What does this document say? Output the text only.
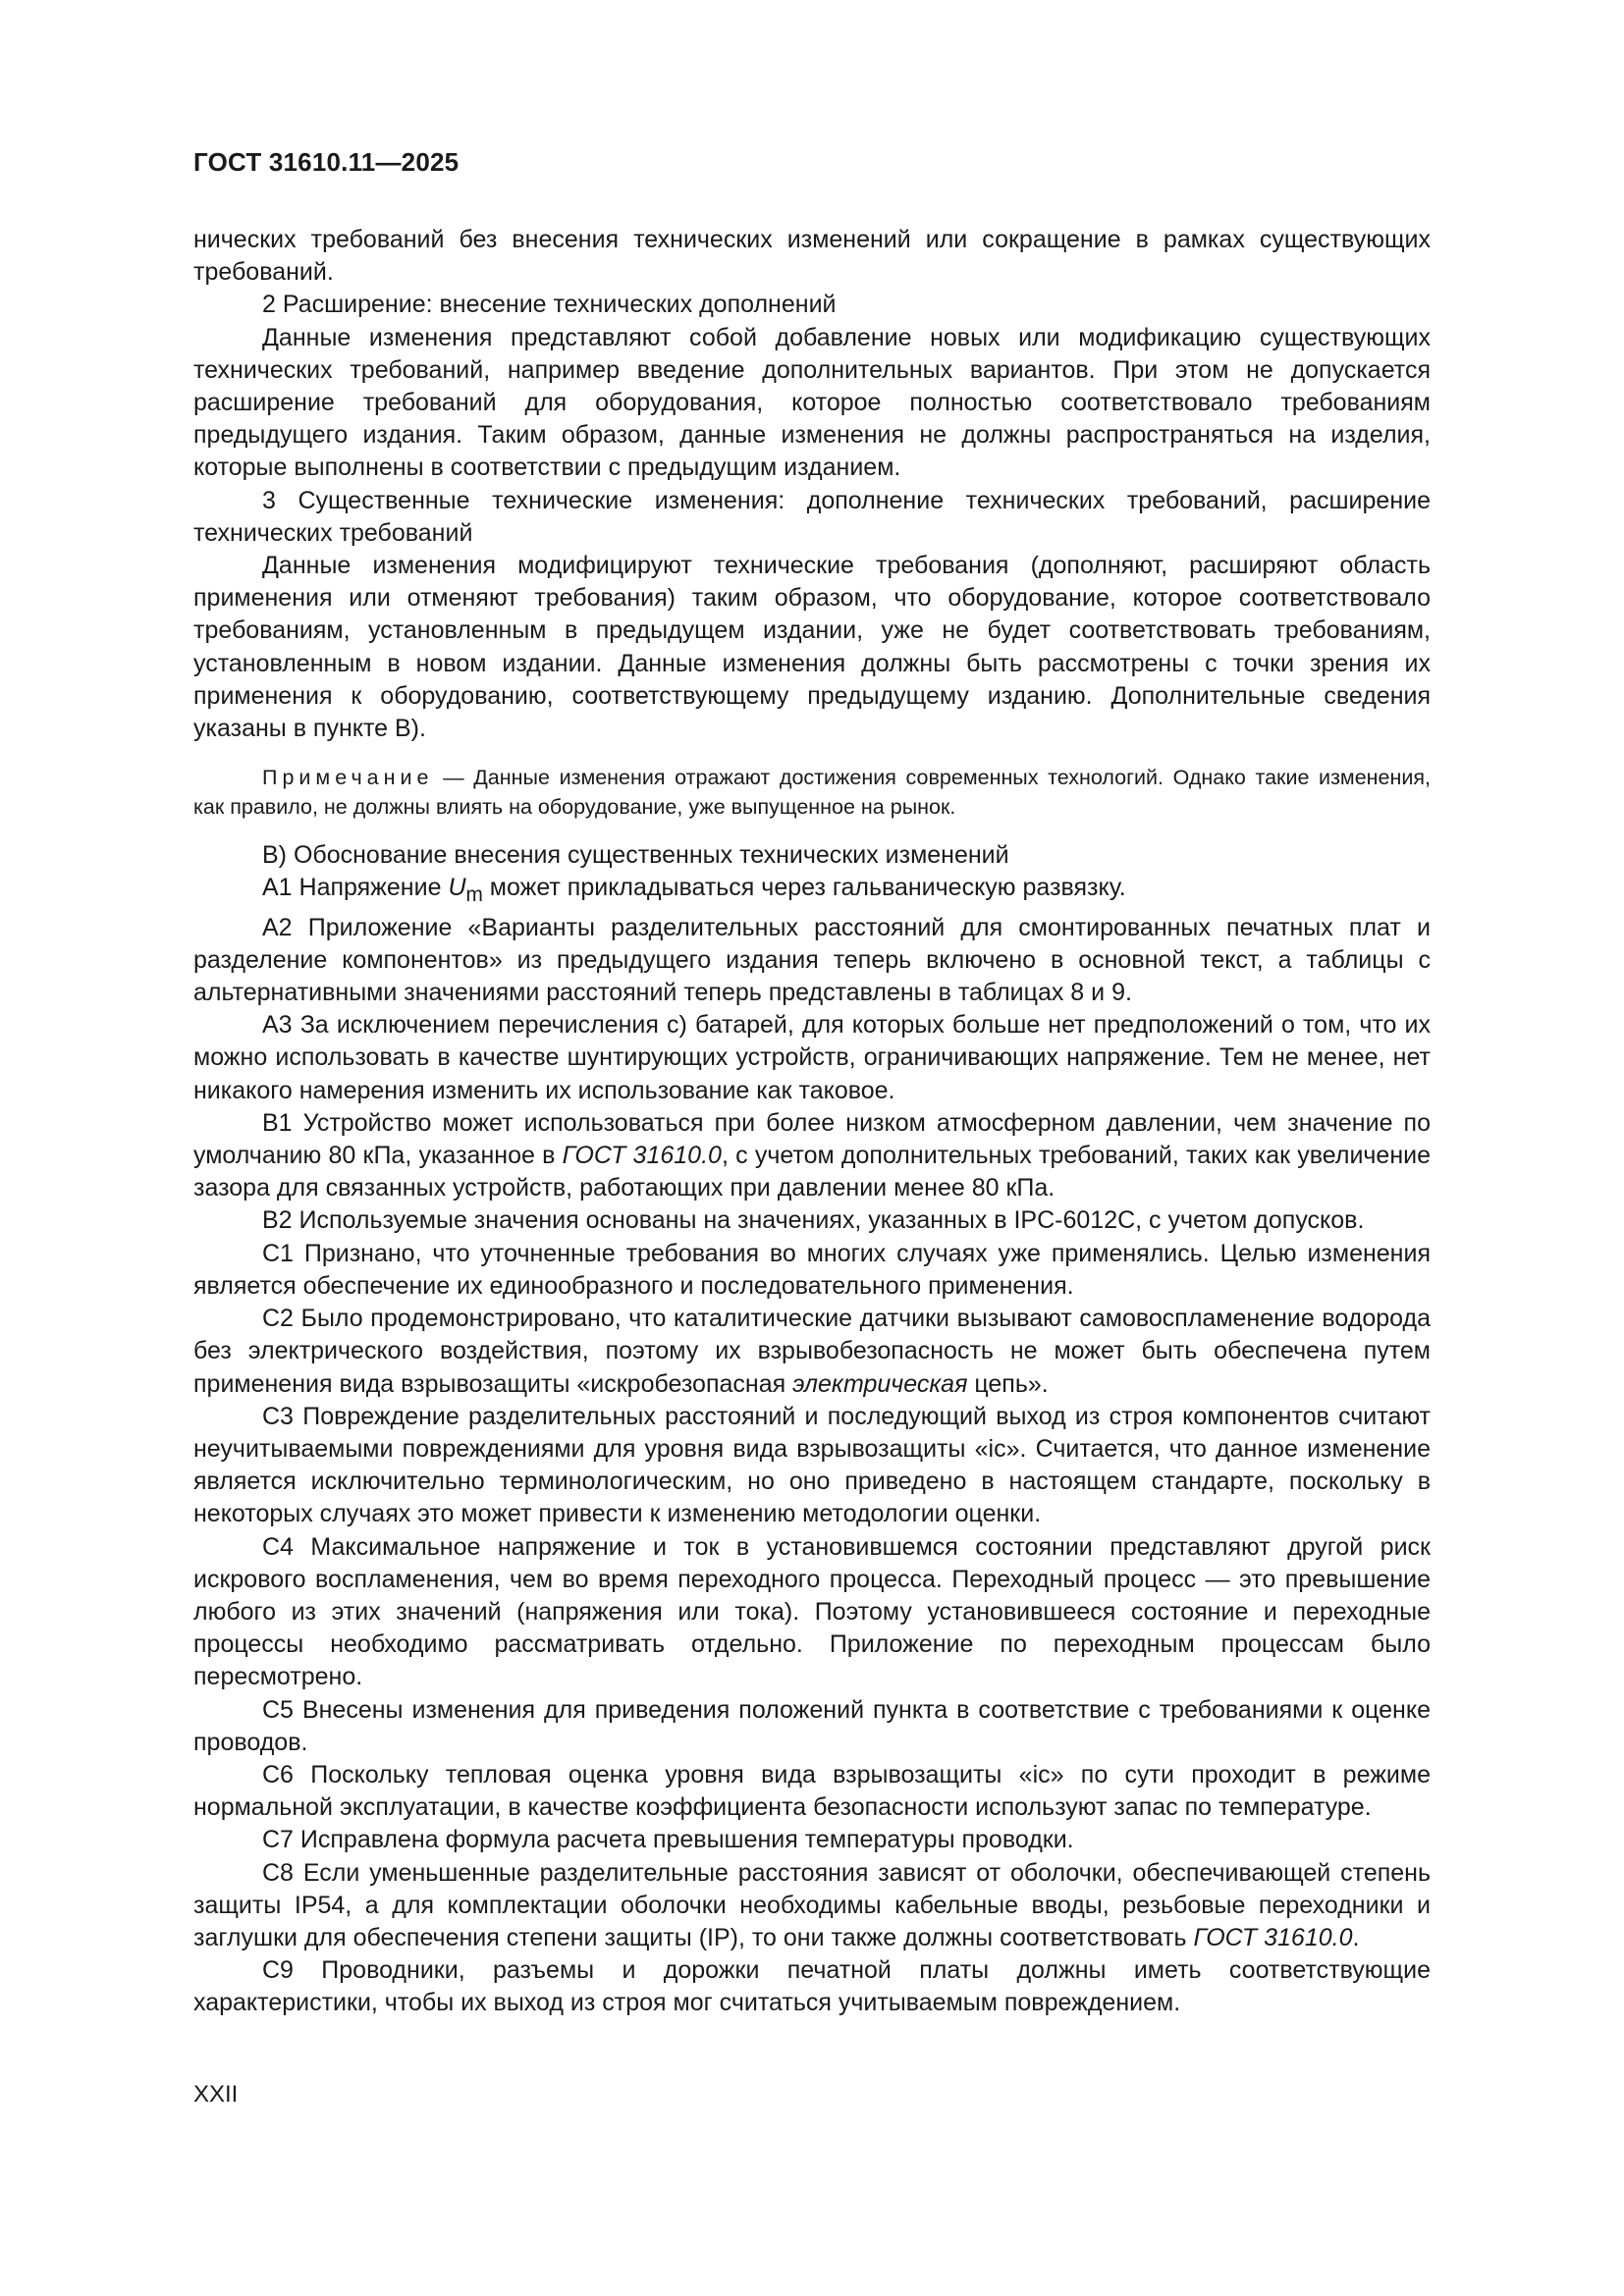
ГОСТ 31610.11—2025

нических требований без внесения технических изменений или сокращение в рамках существующих требований.

2 Расширение: внесение технических дополнений

Данные изменения представляют собой добавление новых или модификацию существующих технических требований, например введение дополнительных вариантов. При этом не допускается расширение требований для оборудования, которое полностью соответствовало требованиям предыдущего издания. Таким образом, данные изменения не должны распространяться на изделия, которые выполнены в соответствии с предыдущим изданием.

3 Существенные технические изменения: дополнение технических требований, расширение технических требований

Данные изменения модифицируют технические требования (дополняют, расширяют область применения или отменяют требования) таким образом, что оборудование, которое соответствовало требованиям, установленным в предыдущем издании, уже не будет соответствовать требованиям, установленным в новом издании. Данные изменения должны быть рассмотрены с точки зрения их применения к оборудованию, соответствующему предыдущему изданию. Дополнительные сведения указаны в пункте B).

Примечание — Данные изменения отражают достижения современных технологий. Однако такие изменения, как правило, не должны влиять на оборудование, уже выпущенное на рынок.

B) Обоснование внесения существенных технических изменений

A1 Напряжение $U_m$ может прикладываться через гальваническую развязку.

A2 Приложение «Варианты разделительных расстояний для смонтированных печатных плат и разделение компонентов» из предыдущего издания теперь включено в основной текст, а таблицы с альтернативными значениями расстояний теперь представлены в таблицах 8 и 9.

A3 За исключением перечисления c) батарей, для которых больше нет предположений о том, что их можно использовать в качестве шунтирующих устройств, ограничивающих напряжение. Тем не менее, нет никакого намерения изменить их использование как таковое.

B1 Устройство может использоваться при более низком атмосферном давлении, чем значение по умолчанию 80 кПа, указанное в ГОСТ 31610.0, с учетом дополнительных требований, таких как увеличение зазора для связанных устройств, работающих при давлении менее 80 кПа.

B2 Используемые значения основаны на значениях, указанных в IPC-6012C, с учетом допусков.

C1 Признано, что уточненные требования во многих случаях уже применялись. Целью изменения является обеспечение их единообразного и последовательного применения.

C2 Было продемонстрировано, что каталитические датчики вызывают самовоспламенение водорода без электрического воздействия, поэтому их взрывобезопасность не может быть обеспечена путем применения вида взрывозащиты «искробезопасная электрическая цепь».

C3 Повреждение разделительных расстояний и последующий выход из строя компонентов считают неучитываемыми повреждениями для уровня вида взрывозащиты «ic». Считается, что данное изменение является исключительно терминологическим, но оно приведено в настоящем стандарте, поскольку в некоторых случаях это может привести к изменению методологии оценки.

C4 Максимальное напряжение и ток в установившемся состоянии представляют другой риск искрового воспламенения, чем во время переходного процесса. Переходный процесс — это превышение любого из этих значений (напряжения или тока). Поэтому установившееся состояние и переходные процессы необходимо рассматривать отдельно. Приложение по переходным процессам было пересмотрено.

C5 Внесены изменения для приведения положений пункта в соответствие с требованиями к оценке проводов.

C6 Поскольку тепловая оценка уровня вида взрывозащиты «ic» по сути проходит в режиме нормальной эксплуатации, в качестве коэффициента безопасности используют запас по температуре.

C7 Исправлена формула расчета превышения температуры проводки.

C8 Если уменьшенные разделительные расстояния зависят от оболочки, обеспечивающей степень защиты IP54, а для комплектации оболочки необходимы кабельные вводы, резьбовые переходники и заглушки для обеспечения степени защиты (IP), то они также должны соответствовать ГОСТ 31610.0.

C9 Проводники, разъемы и дорожки печатной платы должны иметь соответствующие характеристики, чтобы их выход из строя мог считаться учитываемым повреждением.

XXII
